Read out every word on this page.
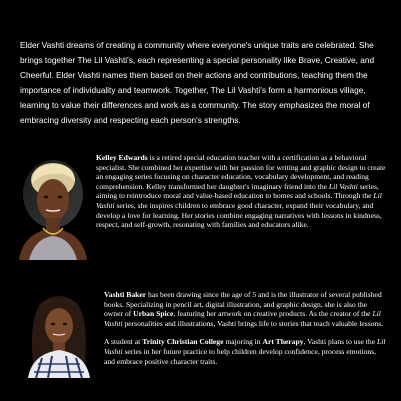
Elder Vashti dreams of creating a community where everyone's unique traits are celebrated. She brings together The Lil Vashti's, each representing a special personality like Brave, Creative, and Cheerful. Elder Vashti names them based on their actions and contributions, teaching them the importance of individuality and teamwork. Together, The Lil Vashti's form a harmonious village, learning to value their differences and work as a community. The story emphasizes the moral of embracing diversity and respecting each person's strengths.

Kelley Edwards is a retired special education teacher with a certification as a behavioral specialist. She combined her expertise with her passion for writing and graphic design to create an engaging series focusing on character education, vocabulary development, and reading comprehension. Kelley transformed her daughter's imaginary friend into the Lil Vashti series, aiming to reintroduce moral and value-based education to homes and schools. Through the Lil Vashti series, she inspires children to embrace good character, expand their vocabulary, and develop a love for learning. Her stories combine engaging narratives with lessons in kindness, respect, and self-growth, resonating with families and educators alike.

Vashti Baker has been drawing since the age of 5 and is the illustrator of several published books. Specializing in pencil art, digital illustration, and graphic design, she is also the owner of Urban Spice, featuring her artwork on creative products. As the creator of the Lil Vashti personalities and illustrations, Vashti brings life to stories that teach valuable lessons.

A student at Trinity Christian College majoring in Art Therapy, Vashti plans to use the Lil Vashti series in her future practice to help children develop confidence, process emotions, and embrace positive character traits.
